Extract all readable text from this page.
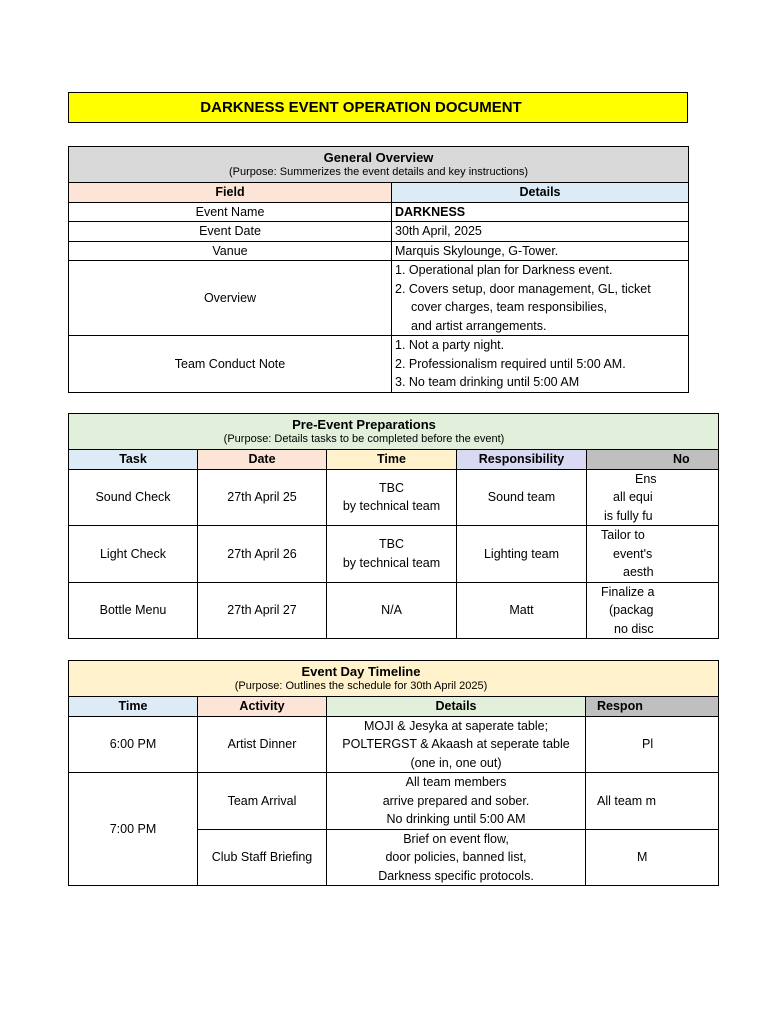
DARKNESS EVENT OPERATION DOCUMENT
General Overview
(Purpose: Summerizes the event details and key instructions)	

Field	Details
Event Name	DARKNESS
Event Date	30th April, 2025
Vanue	Marquis Skylounge, G-Tower.
Overview	1. Operational plan for Darkness event.
2. Covers setup, door management, GL, ticket
cover charges, team responsibilies,
and artist arrangements.

Team Conduct Note	1. Not a party night.
2. Professionalism required until 5:00 AM.
3. No team drinking until 5:00 AM
Pre-Event Preparations
(Purpose: Details tasks to be completed before the event)				

Task	Date	Time	Responsibility	No
Sound Check	27th April 25	TBC
by technical team	Sound team	Ens
all equi
is fully fu

Light Check	27th April 26	TBC
by technical team	Lighting team	Tailor to
event's
aesth

Bottle Menu	27th April 27	N/A	Matt	Finalize a
(packag
no disc
Event Day Timeline
(Purpose: Outlines the schedule for 30th April 2025)			

Time	Activity	Details	Respon
6:00 PM	Artist Dinner	MOJI & Jesyka at saperate table;
POLTERGST & Akaash at seperate table
(one in, one out)	Pl
7:00 PM	Team Arrival	All team members
arrive prepared and sober.
No drinking until 5:00 AM	All team m
	Club Staff Briefing	Brief on event flow,
door policies, banned list,
Darkness specific protocols.	M
